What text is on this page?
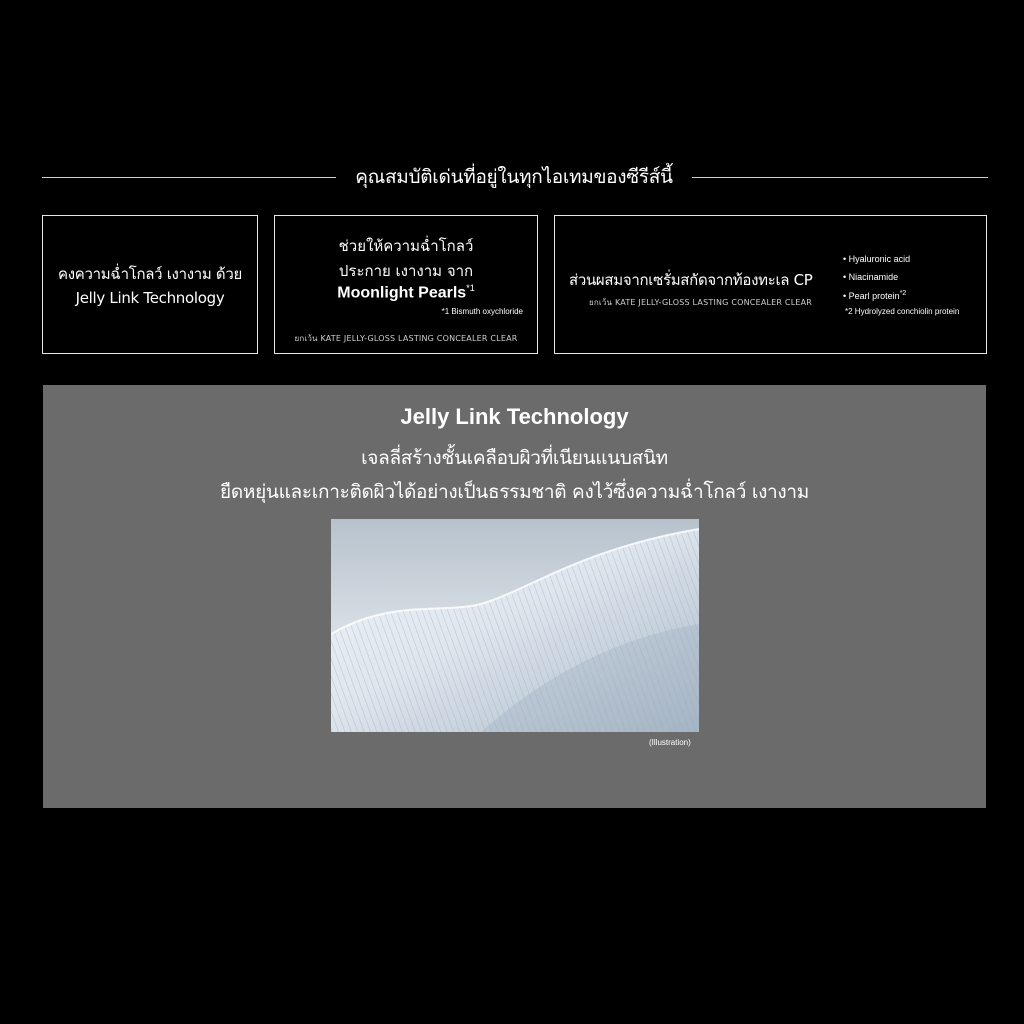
คุณสมบัติเด่นที่อยู่ในทุกไอเทมของซีรีส์นี้
คงความฉ่ำโกลว์ เงางาม ด้วย
Jelly Link Technology
ช่วยให้ความฉ่ำโกลว์
ประกาย เงางาม จาก
Moonlight Pearls$^{*1}$
*1 Bismuth oxychloride
ยกเว้น KATE JELLY-GLOSS LASTING CONCEALER CLEAR
ส่วนผสมจากเซรั่มสกัดจากท้องทะเล CP
ยกเว้น KATE JELLY-GLOSS LASTING CONCEALER CLEAR
• Hyaluronic acid
• Niacinamide
• Pearl protein$^{*2}$
*2 Hydrolyzed conchiolin protein
Jelly Link Technology
เจลลี่สร้างชั้นเคลือบผิวที่เนียนแนบสนิท
ยืดหยุ่นและเกาะติดผิวได้อย่างเป็นธรรมชาติ คงไว้ซึ่งความฉ่ำโกลว์ เงางาม
(Illustration)
